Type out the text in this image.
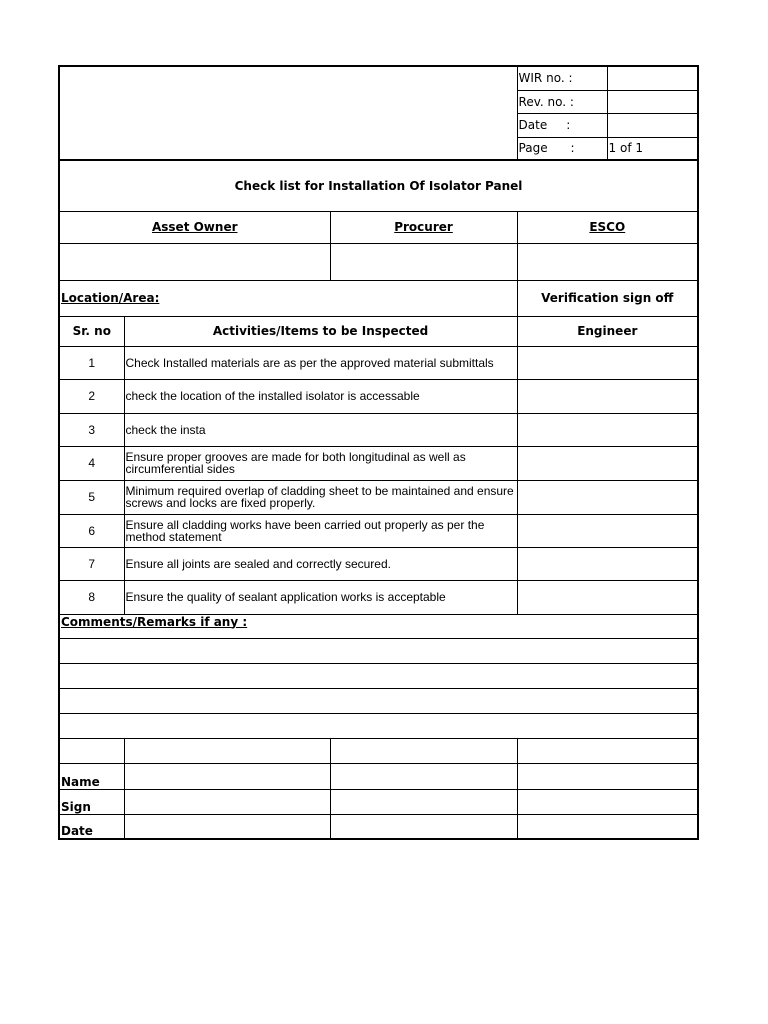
			WIR no. :	
			Rev. no. :	
			Date     :	
			Page      :	1 of 1
Check list for Installation Of Isolator Panel				
Asset Owner		Procurer	ESCO	

Location/Area:			Verification sign off	
Sr. no	Activities/Items to be Inspected		Engineer	
1	Check Installed materials are as per the approved material submittals			
2	check the location of the installed isolator is accessable			
3	check the insta			
4	Ensure proper grooves are made for both longitudinal as well as circumferential sides			
5	Minimum required overlap of cladding sheet to be maintained and ensure screws and locks are fixed properly.			
6	Ensure all cladding works have been carried out properly as per the method statement			
7	Ensure all joints are sealed and correctly secured.			
8	Ensure the quality of sealant application works is acceptable			
Comments/Remarks if any :				

Name				
Sign				
Date				
